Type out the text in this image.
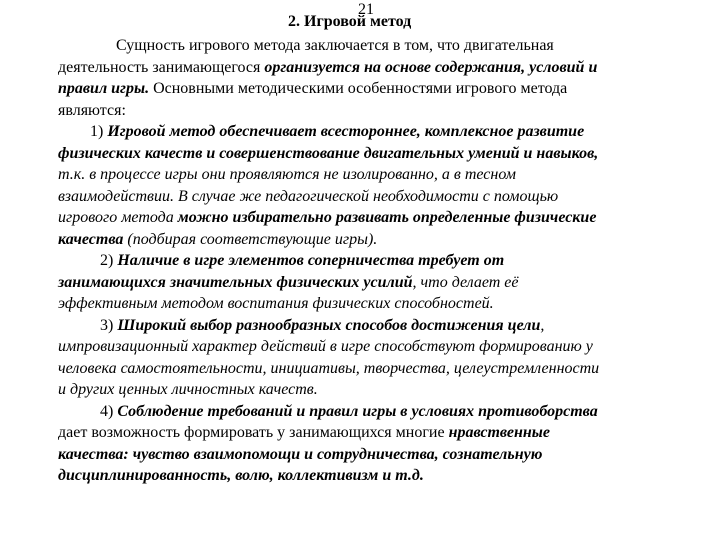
21
2. Игровой метод
Сущность игрового метода заключается в том, что двигательная
деятельность занимающегося организуется на основе содержания, условий и
правил игры. Основными методическими особенностями игрового метода
являются:
1) Игровой метод обеспечивает всестороннее, комплексное развитие
физических качеств и совершенствование двигательных умений и навыков,
т.к. в процессе игры они проявляются не изолированно, а в тесном
взаимодействии. В случае же педагогической необходимости с помощью
игрового метода можно избирательно развивать определенные физические
качества (подбирая соответствующие игры).
2) Наличие в игре элементов соперничества требует от
занимающихся значительных физических усилий, что делает её
эффективным методом воспитания физических способностей.
3) Широкий выбор разнообразных способов достижения цели,
импровизационный характер действий в игре способствуют формированию у
человека самостоятельности, инициативы, творчества, целеустремленности
и других ценных личностных качеств.
4) Соблюдение требований и правил игры в условиях противоборства
дает возможность формировать у занимающихся многие нравственные
качества: чувство взаимопомощи и сотрудничества, сознательную
дисциплинированность, волю, коллективизм и т.д.
